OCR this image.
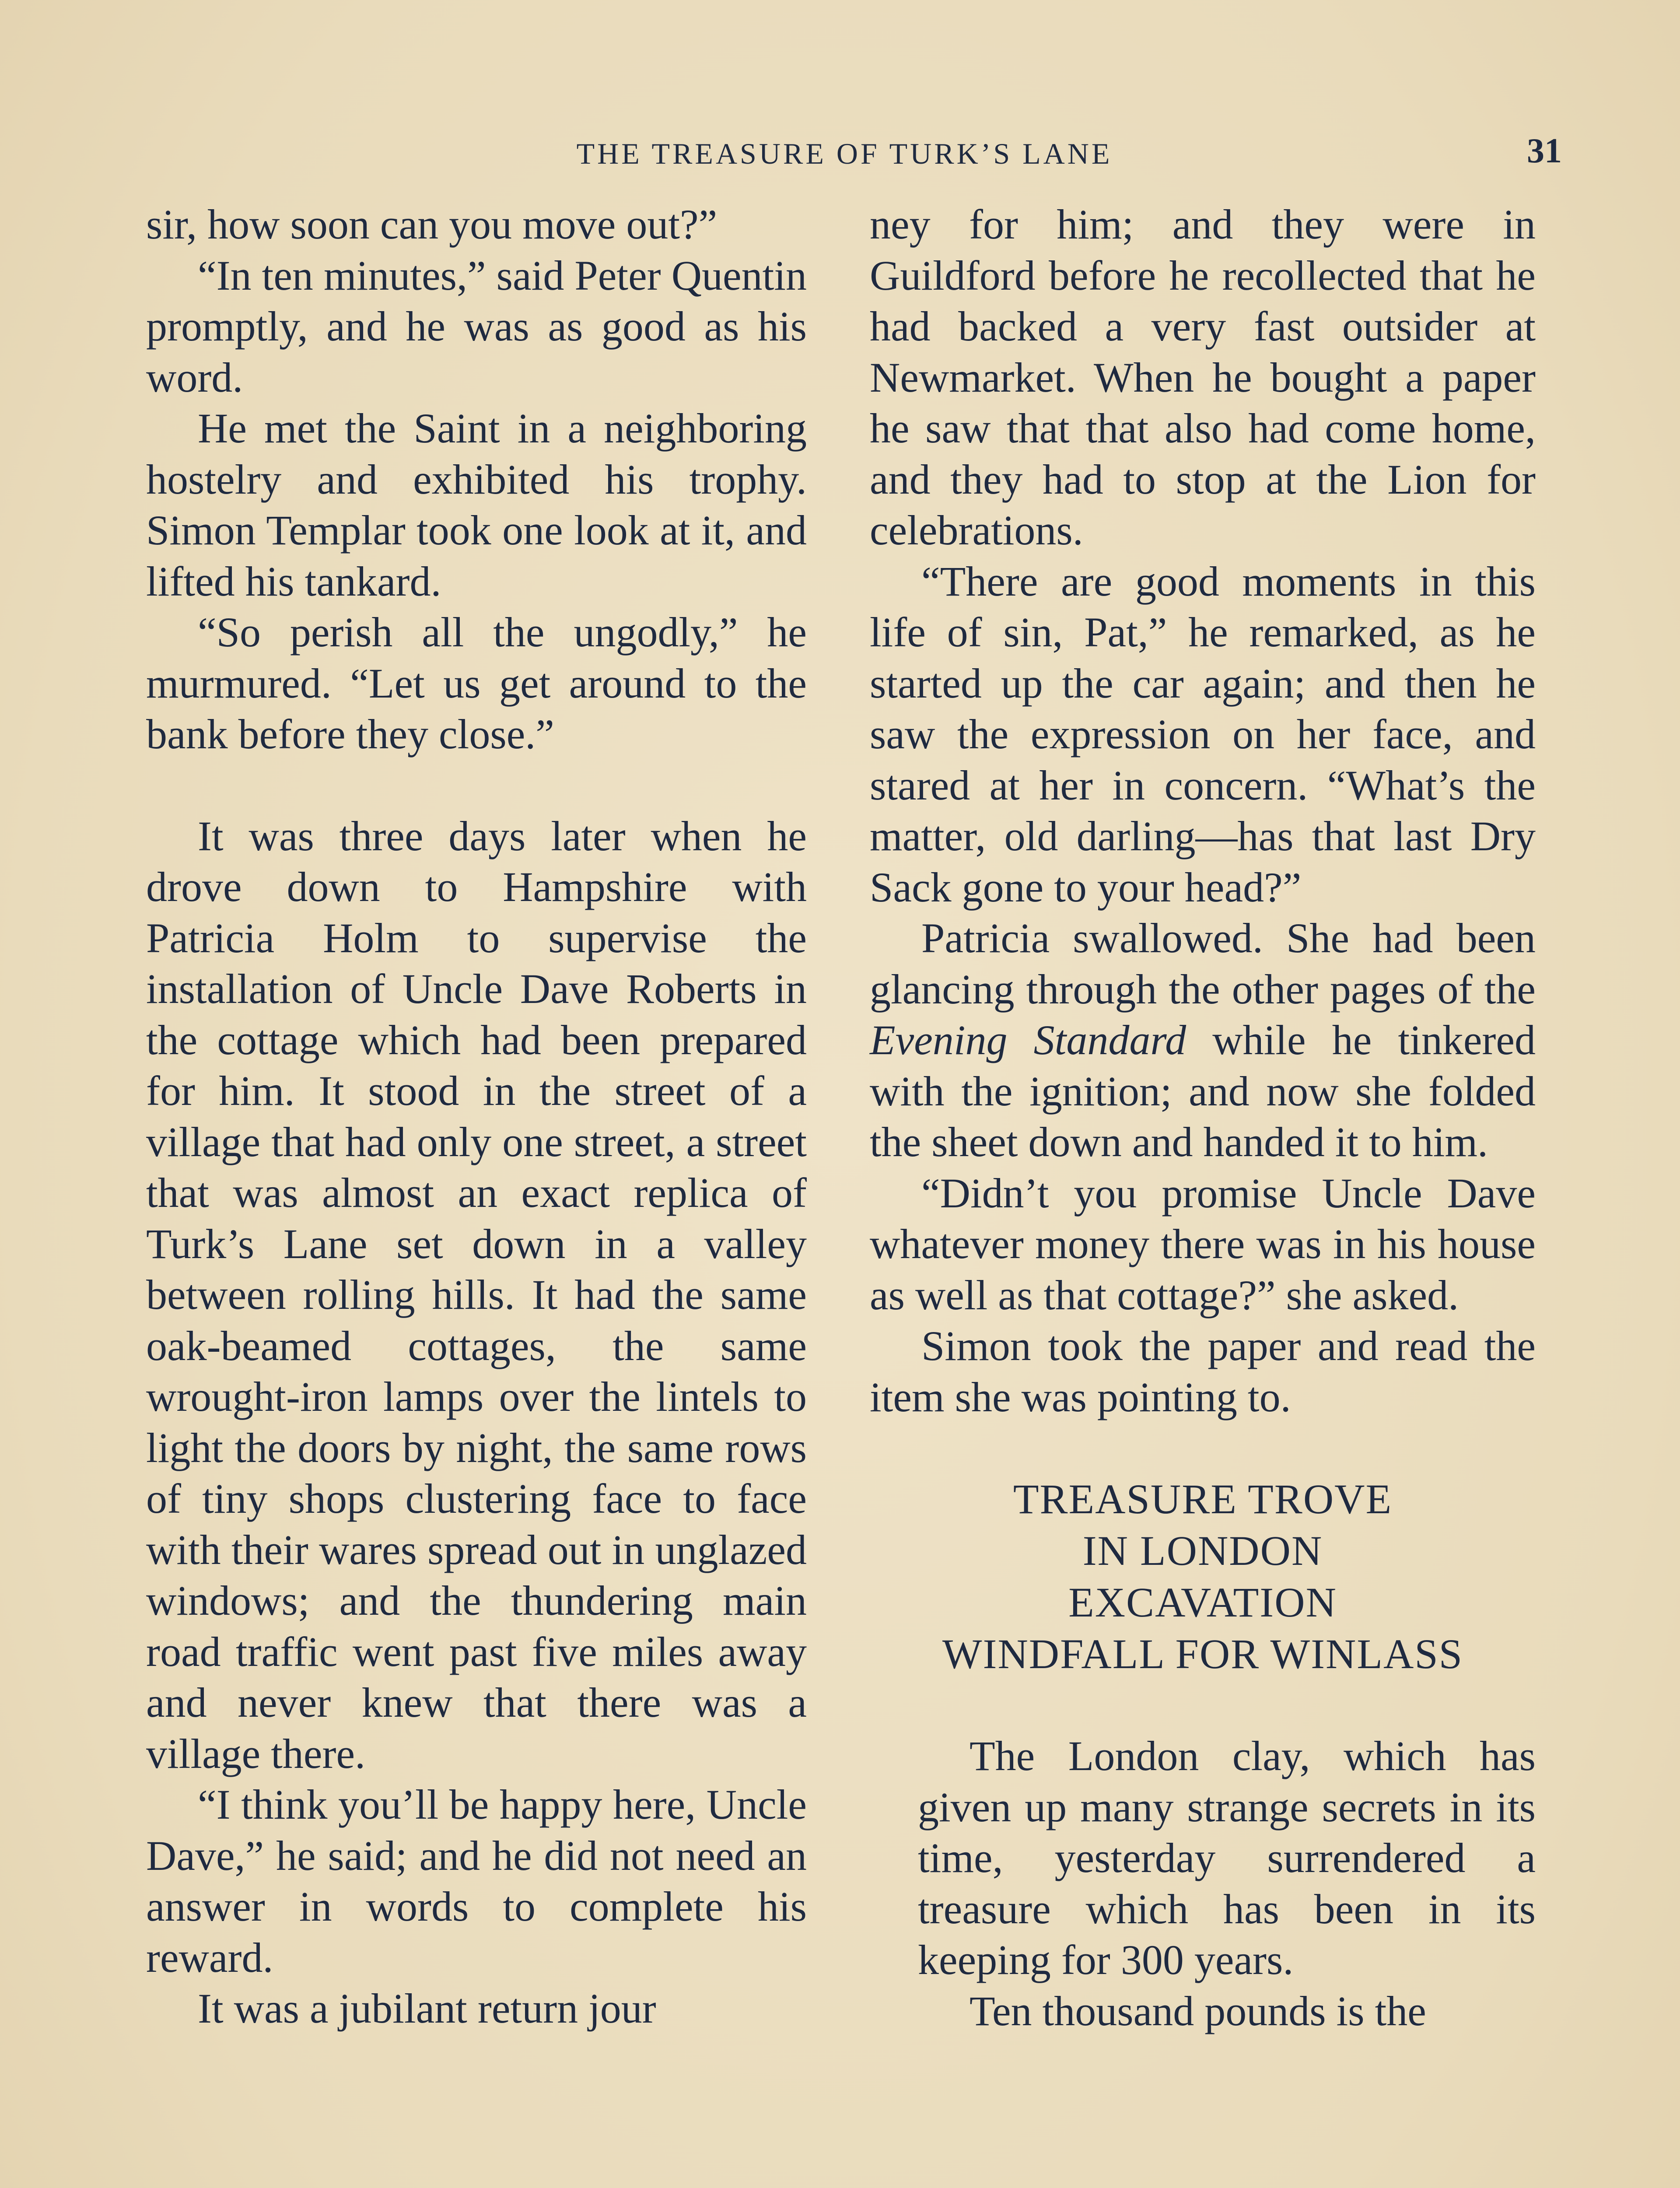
THE TREASURE OF TURK’S LANE	31

sir, how soon can you move out?”

“In ten minutes,” said Peter Quentin promptly, and he was as good as his word.

He met the Saint in a neighboring hostelry and exhibited his trophy. Simon Templar took one look at it, and lifted his tankard.

“So perish all the ungodly,” he murmured. “Let us get around to the bank before they close.”

It was three days later when he drove down to Hampshire with Patricia Holm to supervise the installation of Uncle Dave Roberts in the cottage which had been prepared for him. It stood in the street of a village that had only one street, a street that was almost an exact replica of Turk’s Lane set down in a valley between rolling hills. It had the same oak-beamed cottages, the same wrought-iron lamps over the lintels to light the doors by night, the same rows of tiny shops clustering face to face with their wares spread out in unglazed windows; and the thundering main road traffic went past five miles away and never knew that there was a village there.

“I think you’ll be happy here, Uncle Dave,” he said; and he did not need an answer in words to complete his reward.

It was a jubilant return jour

ney for him; and they were in Guildford before he recollected that he had backed a very fast outsider at Newmarket. When he bought a paper he saw that that also had come home, and they had to stop at the Lion for celebrations.

“There are good moments in this life of sin, Pat,” he remarked, as he started up the car again; and then he saw the expression on her face, and stared at her in concern. “What’s the matter, old darling—has that last Dry Sack gone to your head?”

Patricia swallowed. She had been glancing through the other pages of the Evening Standard while he tinkered with the ignition; and now she folded the sheet down and handed it to him.

“Didn’t you promise Uncle Dave whatever money there was in his house as well as that cottage?” she asked.

Simon took the paper and read the item she was pointing to.

TREASURE TROVE
IN LONDON
EXCAVATION
WINDFALL FOR WINLASS

The London clay, which has given up many strange secrets in its time, yesterday surrendered a treasure which has been in its keeping for 300 years.

Ten thousand pounds is the
